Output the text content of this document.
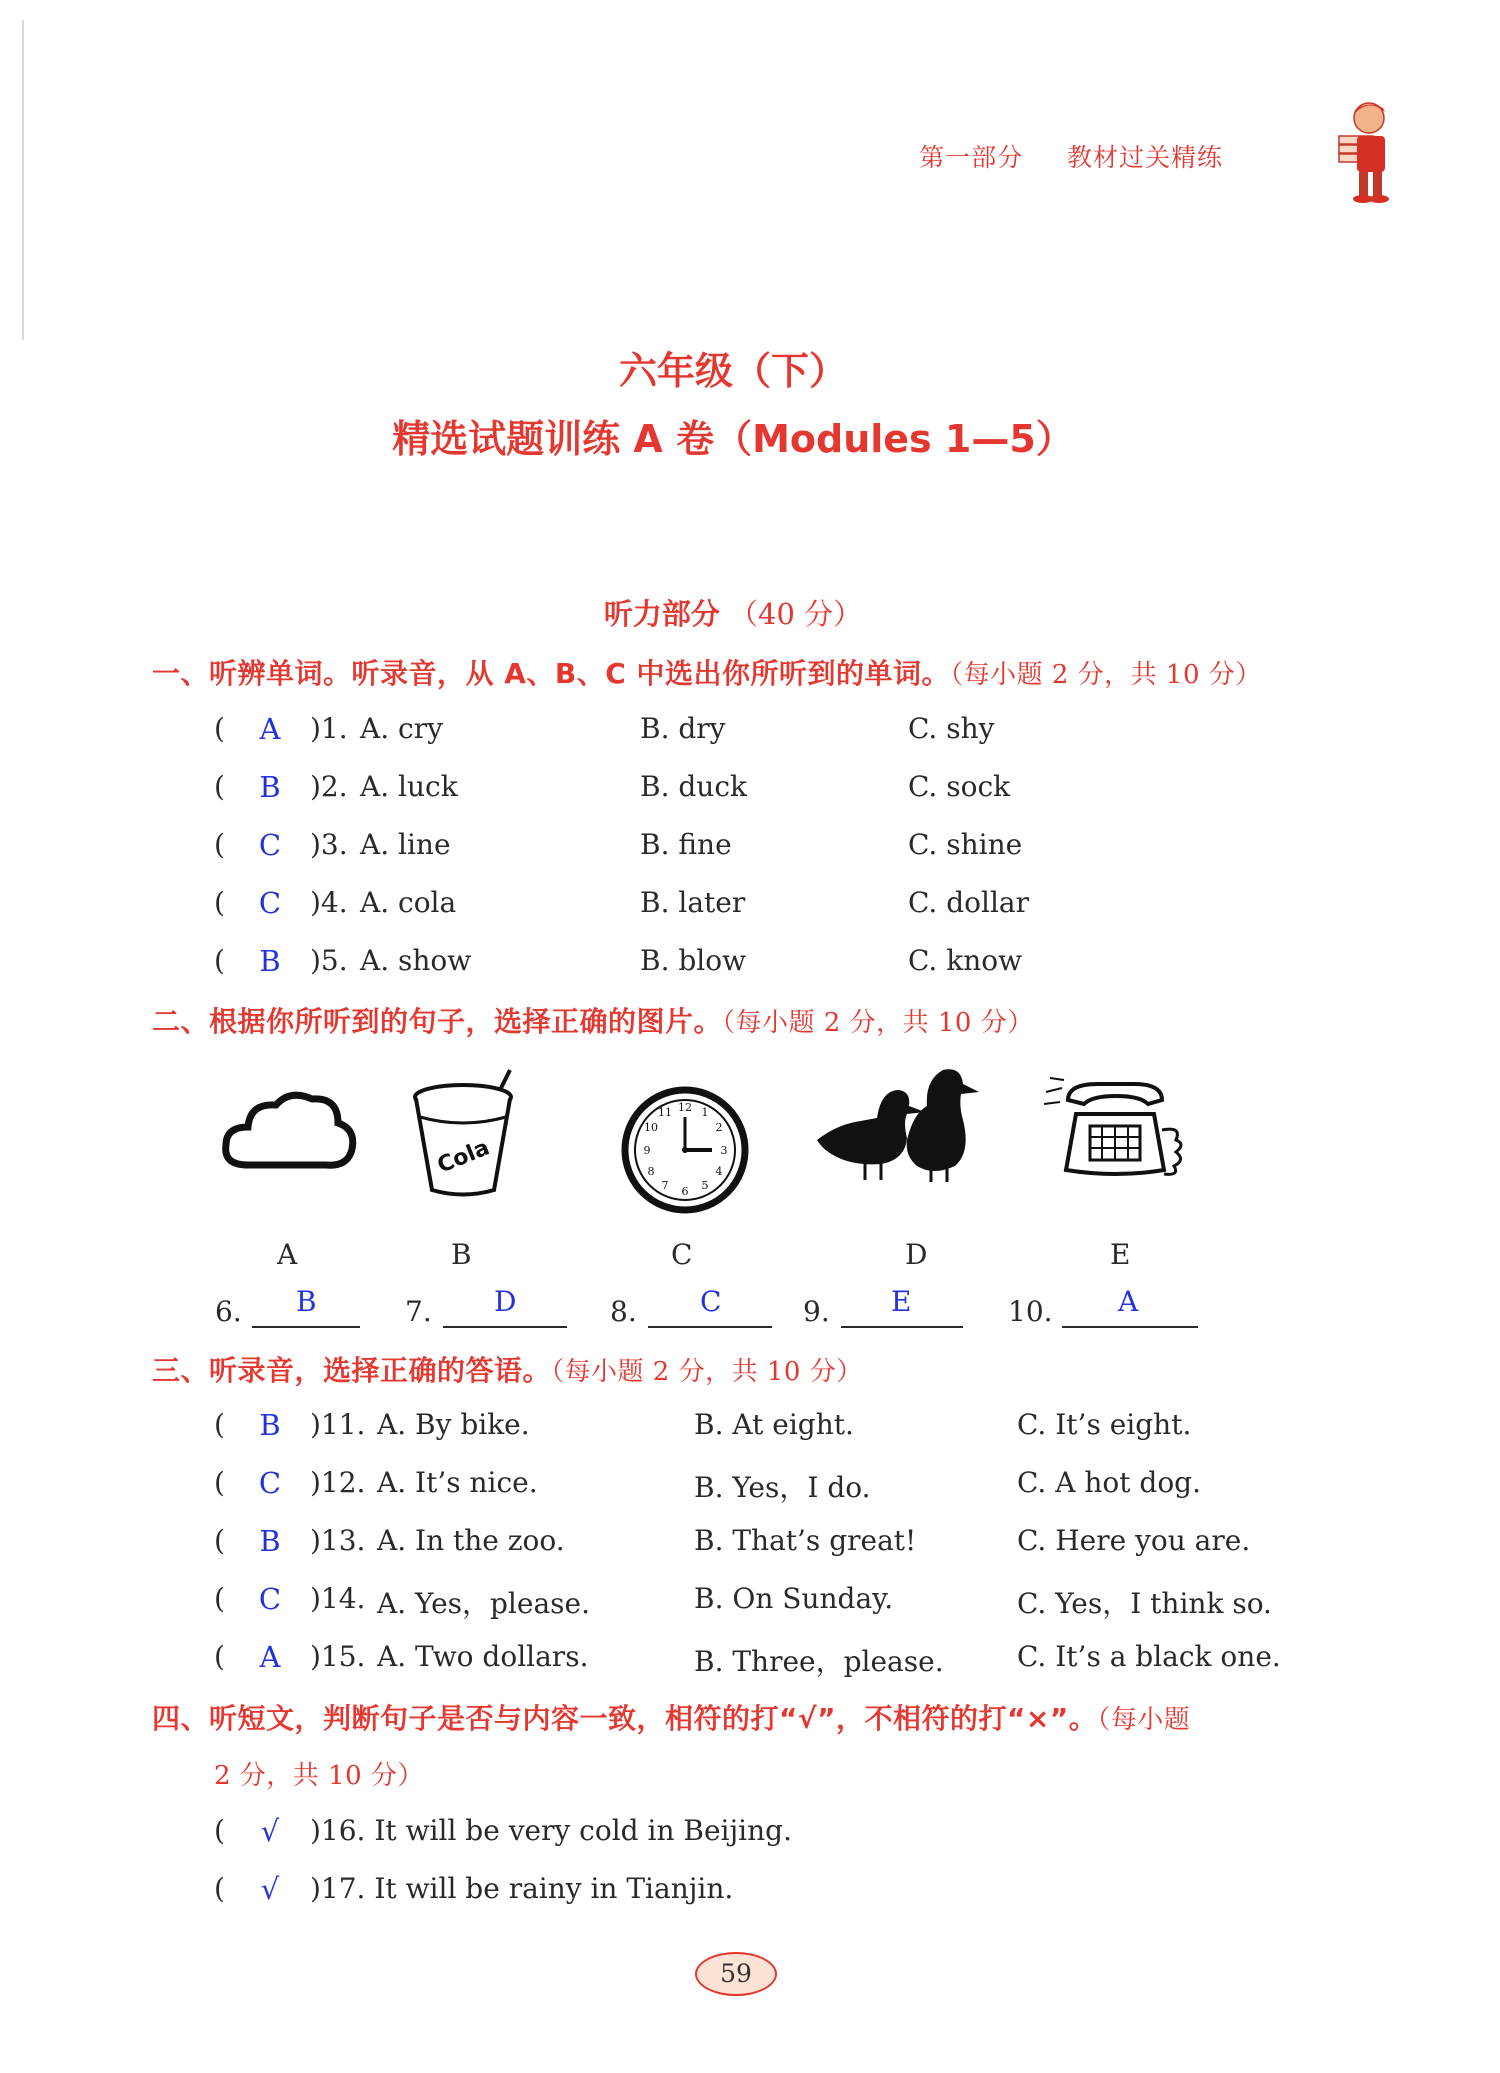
第一部分 教材过关精练
六年级（下）
精选试题训练 A 卷（Modules 1—5）
听力部分 （40 分）
一、听辨单词。听录音，从 A、B、C 中选出你所听到的单词。（每小题 2 分，共 10 分）
(	A	)1. A. cry	B. dry	C. shy
(	B	)2. A. luck	B. duck	C. sock
(	C	)3. A. line	B. fine	C. shine
(	C	)4. A. cola	B. later	C. dollar
(	B	)5. A. show	B. blow	C. know
二、根据你所听到的句子，选择正确的图片。（每小题 2 分，共 10 分）
Cola
12 1
2
3
4
5
6
7
8
9
10
11
A	B	C	D	E
6. B	7. D	8. C	9. E	10. A
三、听录音，选择正确的答语。（每小题 2 分，共 10 分）
(	B	)11. A. By bike.	B. At eight.	C. It’s eight.
(	C	)12. A. It’s nice.	B. Yes，I do.	C. A hot dog.
(	B	)13. A. In the zoo.	B. That’s great!	C. Here you are.
(	C	)14. A. Yes，please.	B. On Sunday.	C. Yes，I think so.
(	A	)15. A. Two dollars.	B. Three，please.	C. It’s a black one.
四、听短文，判断句子是否与内容一致，相符的打“√”，不相符的打“×”。（每小题
2 分，共 10 分）
(	√	)16. It will be very cold in Beijing.
(	√	)17. It will be rainy in Tianjin.
59
